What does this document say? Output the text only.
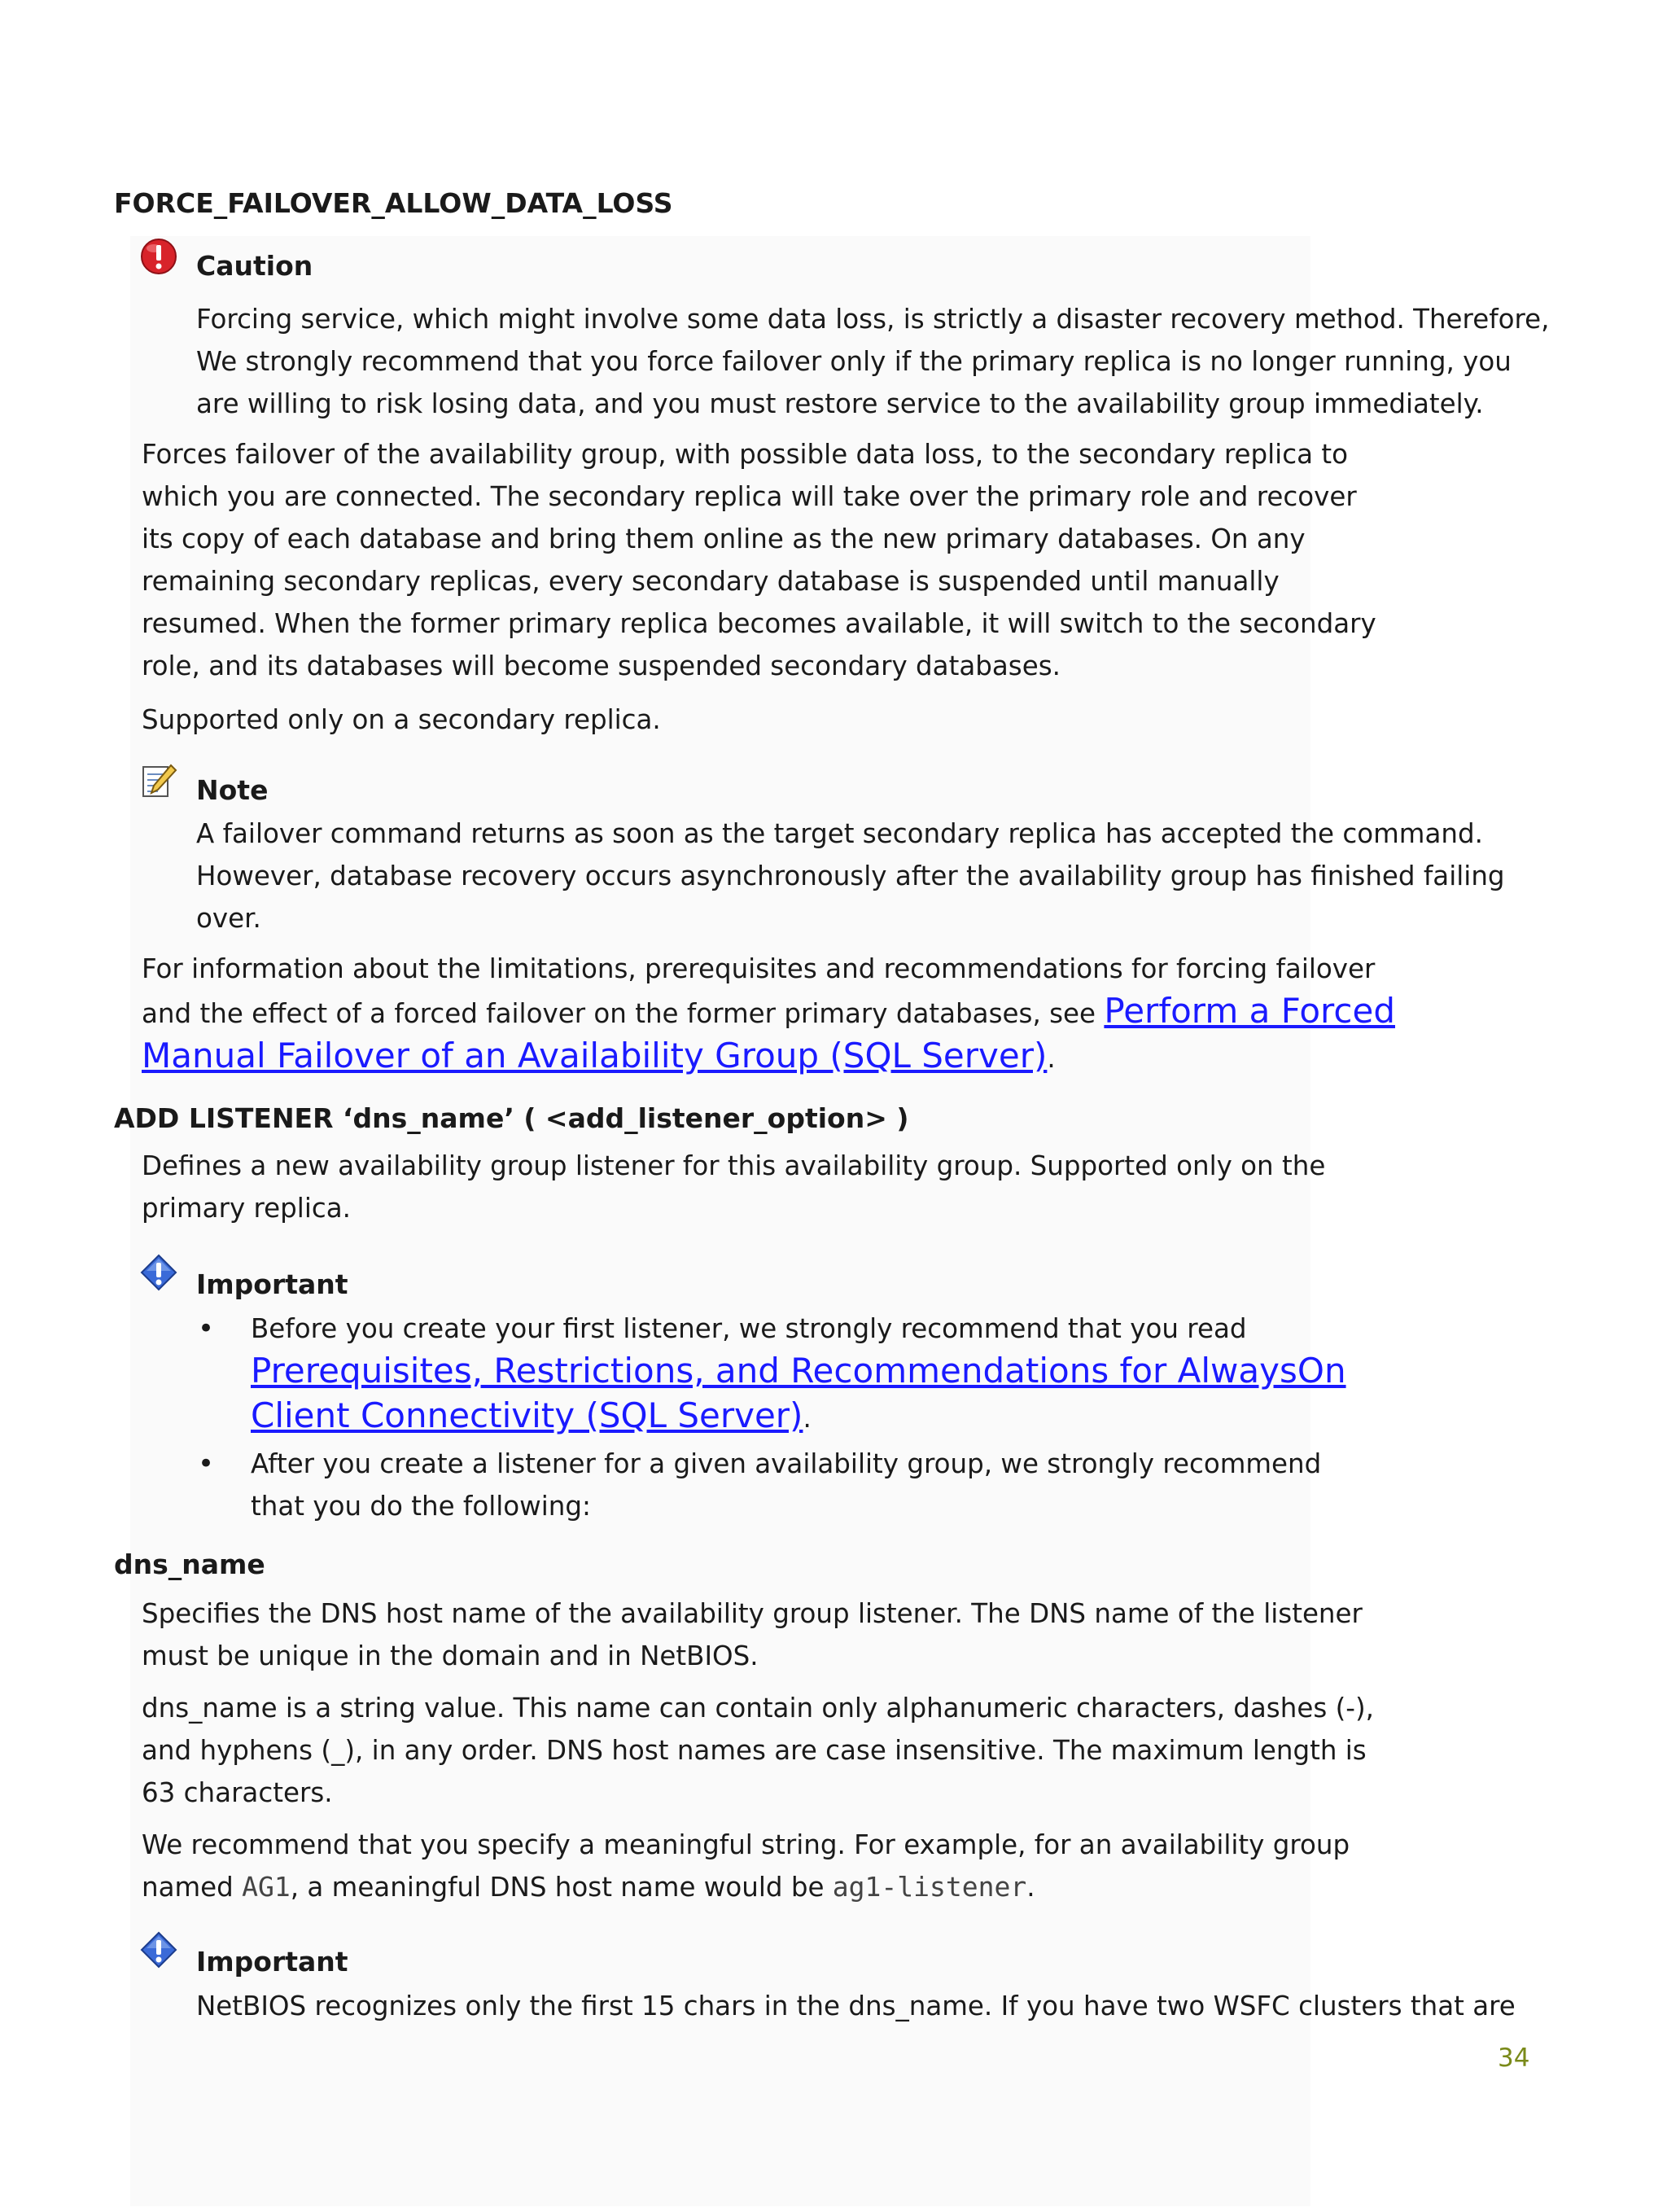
FORCE_FAILOVER_ALLOW_DATA_LOSS
Caution
Forcing service, which might involve some data loss, is strictly a disaster recovery method. Therefore,
We strongly recommend that you force failover only if the primary replica is no longer running, you
are willing to risk losing data, and you must restore service to the availability group immediately.
Forces failover of the availability group, with possible data loss, to the secondary replica to
which you are connected. The secondary replica will take over the primary role and recover
its copy of each database and bring them online as the new primary databases. On any
remaining secondary replicas, every secondary database is suspended until manually
resumed. When the former primary replica becomes available, it will switch to the secondary
role, and its databases will become suspended secondary databases.
Supported only on a secondary replica.
Note
A failover command returns as soon as the target secondary replica has accepted the command.
However, database recovery occurs asynchronously after the availability group has finished failing
over.
For information about the limitations, prerequisites and recommendations for forcing failover
and the effect of a forced failover on the former primary databases, see Perform a Forced
Manual Failover of an Availability Group (SQL Server).
ADD LISTENER ‘dns_name’ ( <add_listener_option> )
Defines a new availability group listener for this availability group. Supported only on the
primary replica.
Important
• Before you create your first listener, we strongly recommend that you read
Prerequisites, Restrictions, and Recommendations for AlwaysOn
Client Connectivity (SQL Server).
• After you create a listener for a given availability group, we strongly recommend
that you do the following:
dns_name
Specifies the DNS host name of the availability group listener. The DNS name of the listener
must be unique in the domain and in NetBIOS.
dns_name is a string value. This name can contain only alphanumeric characters, dashes (-),
and hyphens (_), in any order. DNS host names are case insensitive. The maximum length is
63 characters.
We recommend that you specify a meaningful string. For example, for an availability group
named AG1, a meaningful DNS host name would be ag1-listener.
Important
NetBIOS recognizes only the first 15 chars in the dns_name. If you have two WSFC clusters that are
34
